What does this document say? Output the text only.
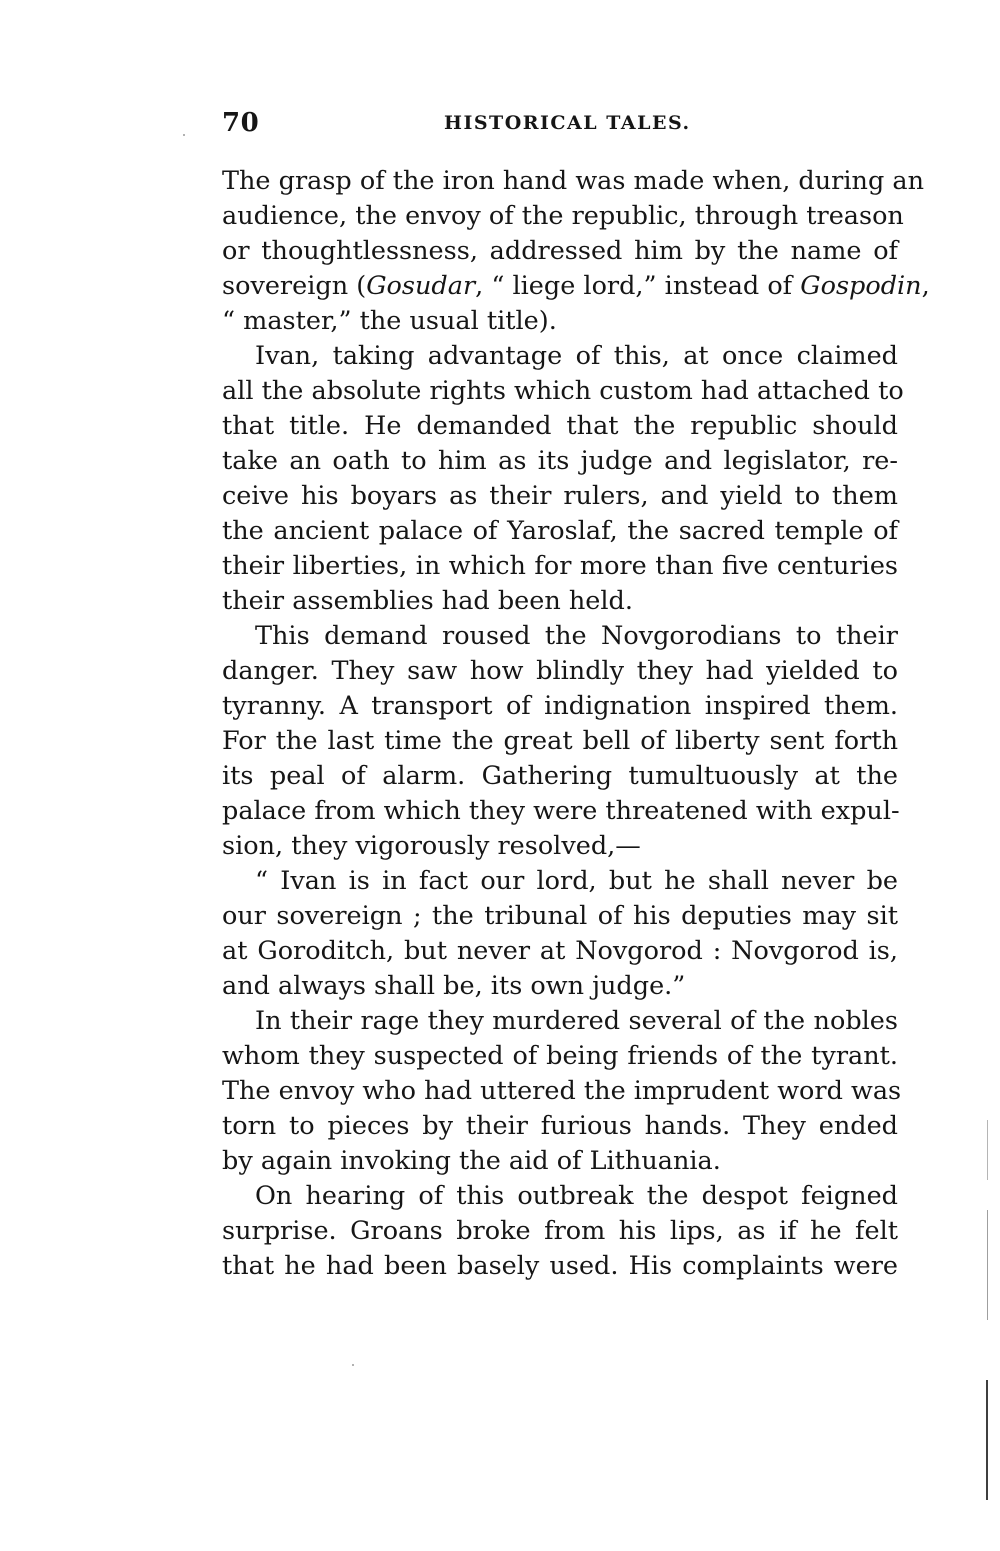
70	HISTORICAL TALES.
The grasp of the iron hand was made when, during an
audience, the envoy of the republic, through treason
or thoughtlessness, addressed him by the name of
sovereign (Gosudar, “ liege lord,” instead of Gospodin,
“ master,” the usual title).
Ivan, taking advantage of this, at once claimed
all the absolute rights which custom had attached to
that title. He demanded that the republic should
take an oath to him as its judge and legislator, re-
ceive his boyars as their rulers, and yield to them
the ancient palace of Yaroslaf, the sacred temple of
their liberties, in which for more than five centuries
their assemblies had been held.
This demand roused the Novgorodians to their
danger. They saw how blindly they had yielded to
tyranny. A transport of indignation inspired them.
For the last time the great bell of liberty sent forth
its peal of alarm. Gathering tumultuously at the
palace from which they were threatened with expul-
sion, they vigorously resolved,—
“ Ivan is in fact our lord, but he shall never be
our sovereign ; the tribunal of his deputies may sit
at Goroditch, but never at Novgorod : Novgorod is,
and always shall be, its own judge.”
In their rage they murdered several of the nobles
whom they suspected of being friends of the tyrant.
The envoy who had uttered the imprudent word was
torn to pieces by their furious hands. They ended
by again invoking the aid of Lithuania.
On hearing of this outbreak the despot feigned
surprise. Groans broke from his lips, as if he felt
that he had been basely used. His complaints were
